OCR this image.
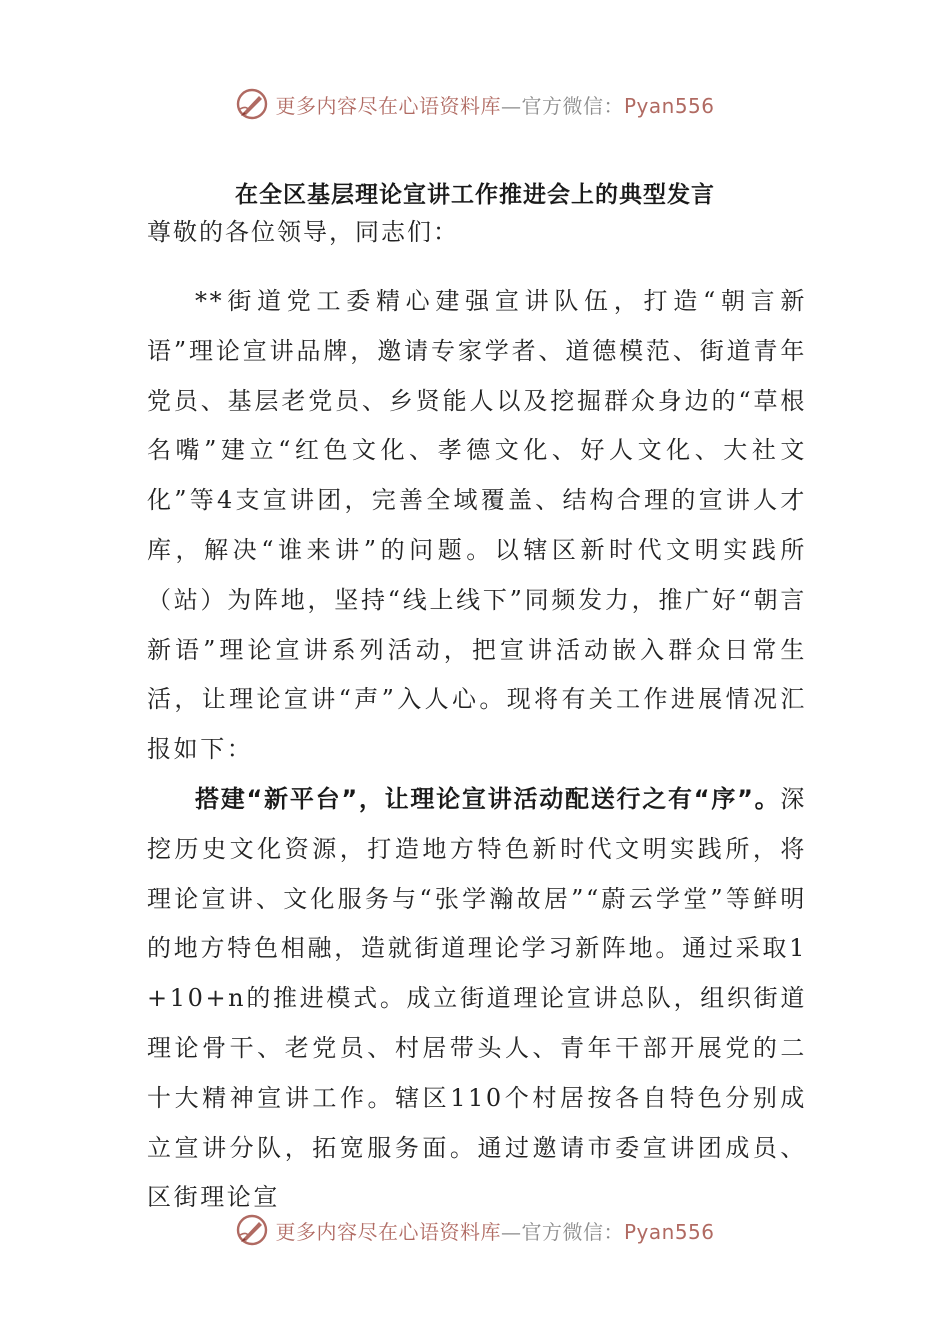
更多内容尽在心语资料库—官方微信：Pyan556
在全区基层理论宣讲工作推进会上的典型发言

尊敬的各位领导，同志们：

**街道党工委精心建强宣讲队伍，打造“朝言新语”理论宣讲品牌，邀请专家学者、道德模范、街道青年党员、基层老党员、乡贤能人以及挖掘群众身边的“草根名嘴”建立“红色文化、孝德文化、好人文化、大社文化”等4支宣讲团，完善全域覆盖、结构合理的宣讲人才库，解决“谁来讲”的问题。以辖区新时代文明实践所（站）为阵地，坚持“线上线下”同频发力，推广好“朝言新语”理论宣讲系列活动，把宣讲活动嵌入群众日常生活，让理论宣讲“声”入人心。现将有关工作进展情况汇报如下：

搭建“新平台”，让理论宣讲活动配送行之有“序”。深挖历史文化资源，打造地方特色新时代文明实践所，将理论宣讲、文化服务与“张学瀚故居”“蔚云学堂”等鲜明的地方特色相融，造就街道理论学习新阵地。通过采取1+10+n的推进模式。成立街道理论宣讲总队，组织街道理论骨干、老党员、村居带头人、青年干部开展党的二十大精神宣讲工作。辖区110个村居按各自特色分别成立宣讲分队，拓宽服务面。通过邀请市委宣讲团成员、区街理论宣

更多内容尽在心语资料库—官方微信：Pyan556
